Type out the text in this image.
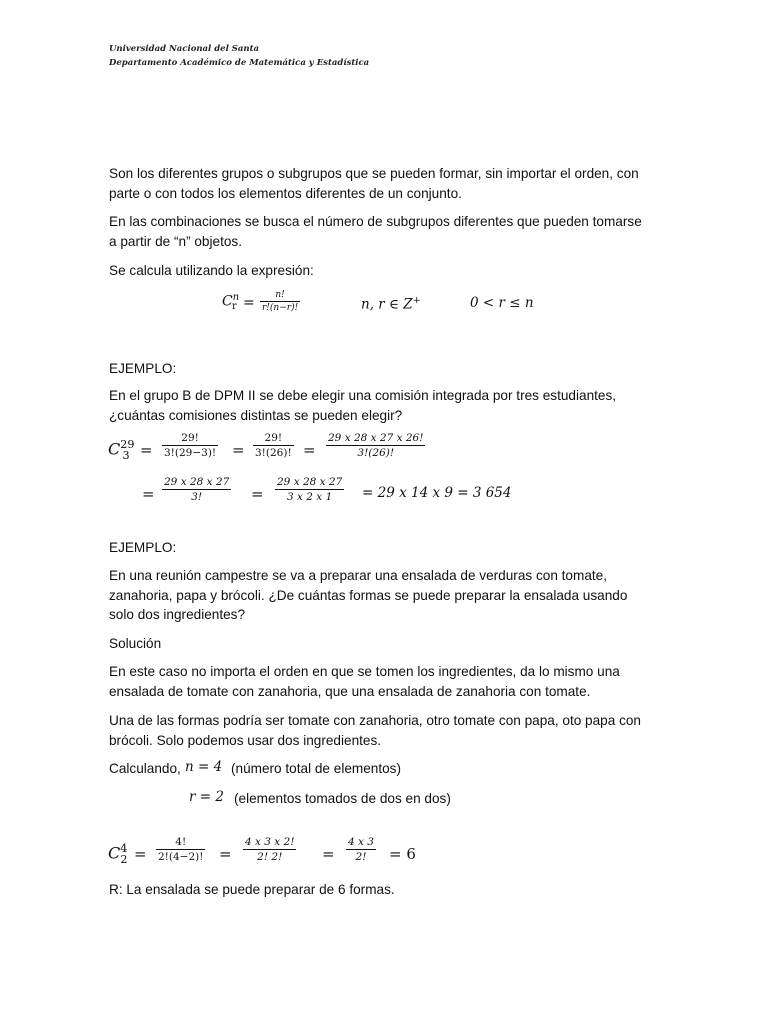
Universidad Nacional del Santa
Departamento Académico de Matemática y Estadística
Son los diferentes grupos o subgrupos que se pueden formar, sin importar el orden, con parte o con todos los elementos diferentes de un conjunto.
En las combinaciones se busca el número de subgrupos diferentes que pueden tomarse a partir de “n” objetos.
Se calcula utilizando la expresión:
$C^n_r = n$!
r!(n−r)!	n, r ∈ Z+	0 < r ≤ n
EJEMPLO:
En el grupo B de DPM II se debe elegir una comisión integrada por tres estudiantes, ¿cuántas comisiones distintas se pueden elegir?
$C^{29}_3$ =
29!
3!(29−3)! =
29!
3!(26)! =
29 x 28 x 27 x 26!
3!(26)!
=
29 x 28 x 27
3!	=
29 x 28 x 27
3 x 2 x 1 = 29 x 14 x 9 = 3 654
EJEMPLO:
En una reunión campestre se va a preparar una ensalada de verduras con tomate, zanahoria, papa y brócoli. ¿De cuántas formas se puede preparar la ensalada usando solo dos ingredientes?
Solución
En este caso no importa el orden en que se tomen los ingredientes, da lo mismo una ensalada de tomate con zanahoria, que una ensalada de zanahoria con tomate.
Una de las formas podría ser tomate con zanahoria, otro tomate con papa, oto papa con brócoli. Solo podemos usar dos ingredientes.
Calculando, n = 4 (número total de elementos)
r = 2 (elementos tomados de dos en dos)
$C^4_2$ =
4!
2!(4−2)! =
4 x 3 x 2!
2! 2!	=
4 x 3
2! = 6
R: La ensalada se puede preparar de 6 formas.
